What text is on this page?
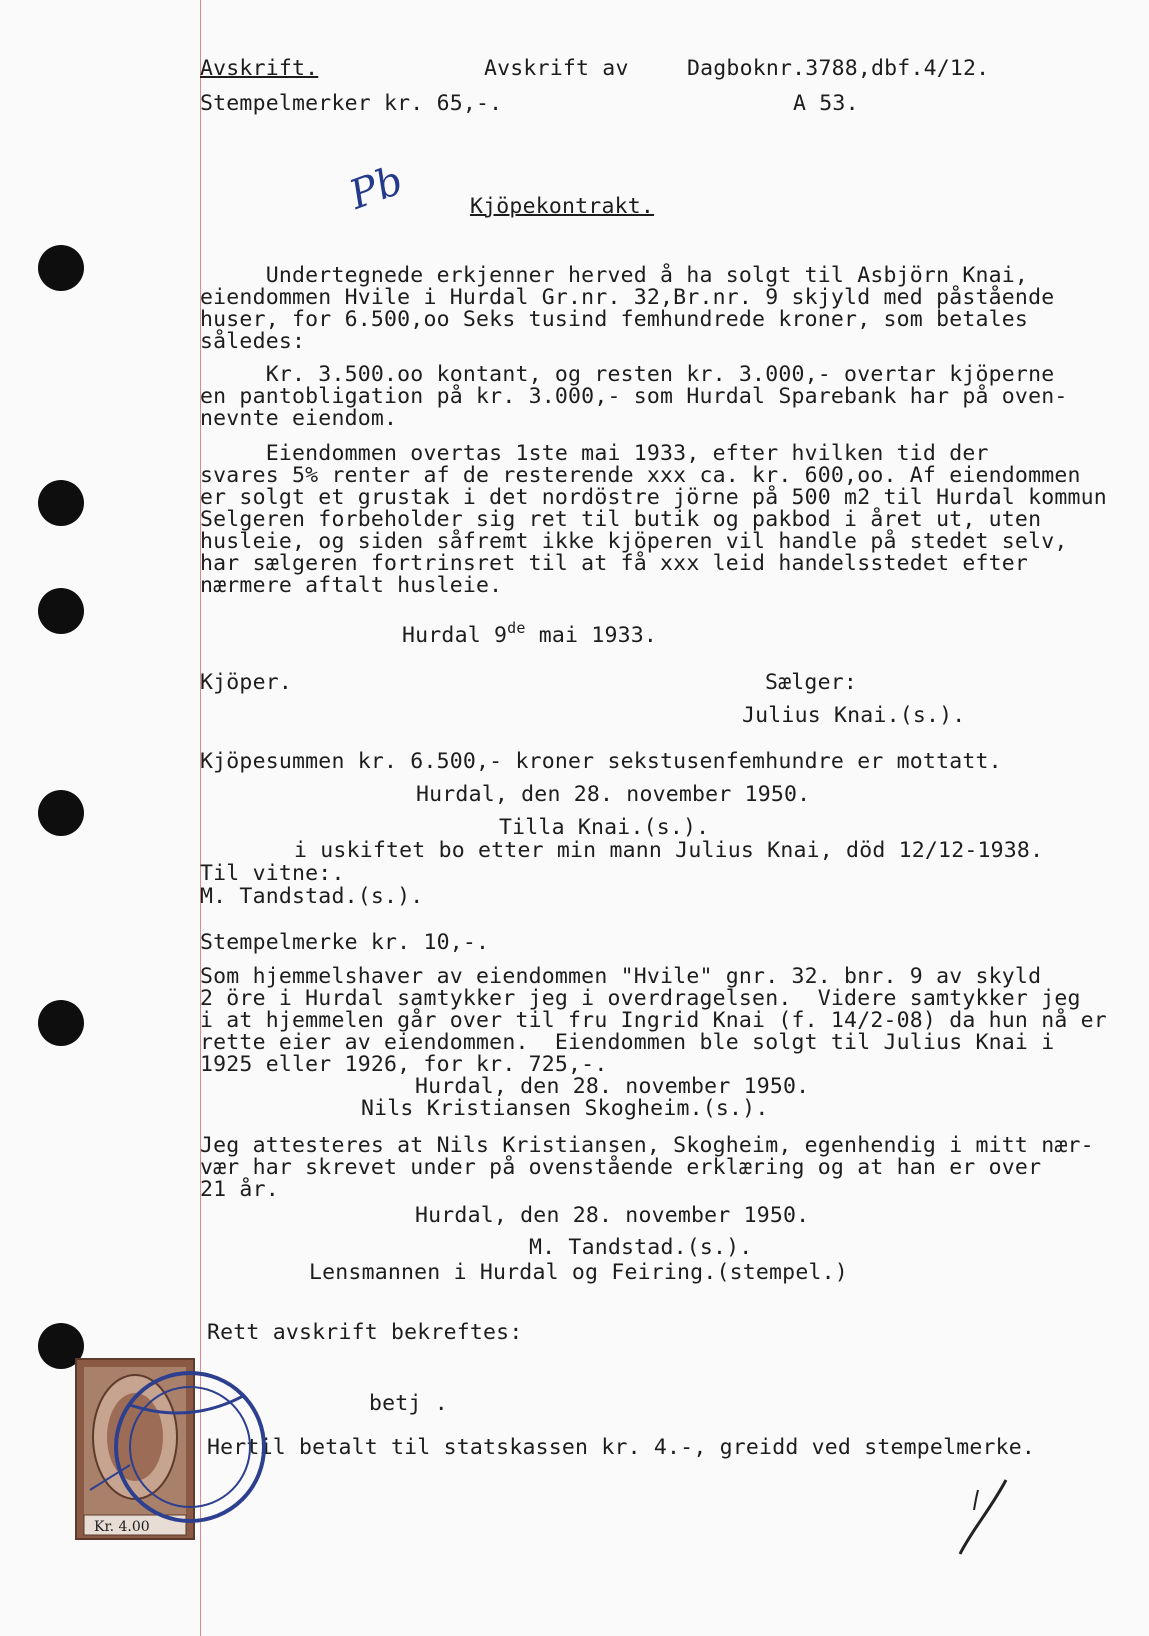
Avskrift.	Avskrift av	Dagboknr.3788,dbf.4/12.
Stempelmerker kr. 65,-.	A 53.
Pb	Kjöpekontrakt.
Undertegnede erkjenner herved å ha solgt til Asbjörn Knai,
eiendommen Hvile i Hurdal Gr.nr. 32,Br.nr. 9 skjyld med påstående
huser, for 6.500,oo Seks tusind femhundrede kroner, som betales
således:
Kr. 3.500.oo kontant, og resten kr. 3.000,- overtar kjöperne
en pantobligation på kr. 3.000,- som Hurdal Sparebank har på oven-
nevnte eiendom.
Eiendommen overtas 1ste mai 1933, efter hvilken tid der
svares 5% renter af de resterende xxx ca. kr. 600,oo. Af eiendommen
er solgt et grustak i det nordöstre jörne på 500 m2 til Hurdal kommun
Selgeren forbeholder sig ret til butik og pakbod i året ut, uten
husleie, og siden såfremt ikke kjöperen vil handle på stedet selv,
har sælgeren fortrinsret til at få xxx leid handelsstedet efter
nærmere aftalt husleie.
Hurdal 9de mai 1933.
Kjöper.	Sælger:
Julius Knai.(s.).
Kjöpesummen kr. 6.500,- kroner sekstusenfemhundre er mottatt.
Hurdal, den 28. november 1950.
Tilla Knai.(s.).
i uskiftet bo etter min mann Julius Knai, död 12/12-1938.
Til vitne:.
M. Tandstad.(s.).
Stempelmerke kr. 10,-.
Som hjemmelshaver av eiendommen "Hvile" gnr. 32. bnr. 9 av skyld
2 öre i Hurdal samtykker jeg i overdragelsen.  Videre samtykker jeg
i at hjemmelen går over til fru Ingrid Knai (f. 14/2-08) da hun nå er
rette eier av eiendommen.  Eiendommen ble solgt til Julius Knai i
1925 eller 1926, for kr. 725,-.
Hurdal, den 28. november 1950.
Nils Kristiansen Skogheim.(s.).
Jeg attesteres at Nils Kristiansen, Skogheim, egenhendig i mitt nær-
vær har skrevet under på ovenstående erklæring og at han er over
21 år.
Hurdal, den 28. november 1950.
M. Tandstad.(s.).
Lensmannen i Hurdal og Feiring.(stempel.)
Rett avskrift bekreftes:
betj .
Hertil betalt til statskassen kr. 4.-, greidd ved stempelmerke.
Kr. 4.00
